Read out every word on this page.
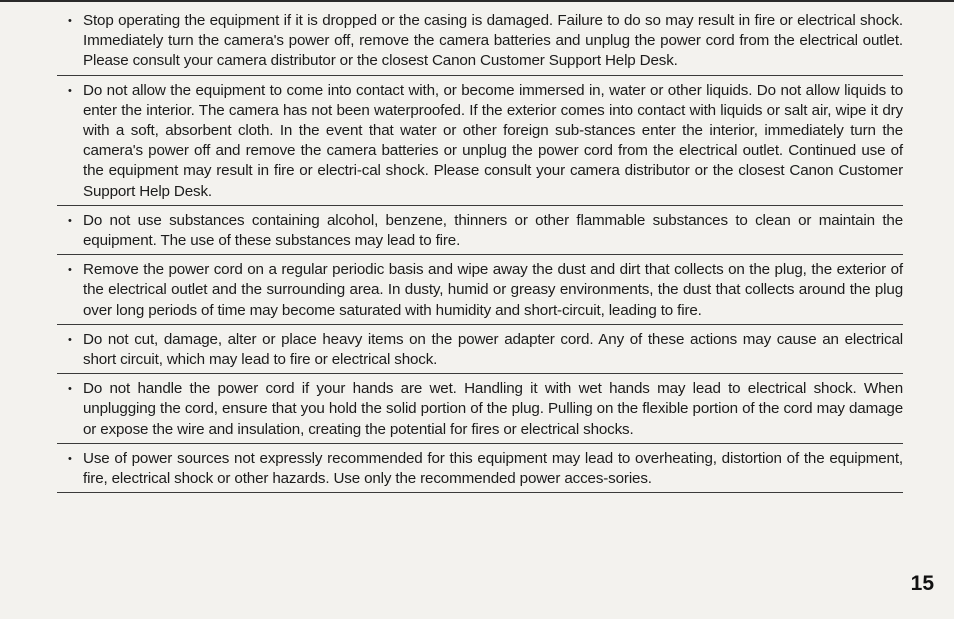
• Stop operating the equipment if it is dropped or the casing is damaged. Failure to do so may result in fire or electrical shock. Immediately turn the camera's power off, remove the camera batteries and unplug the power cord from the electrical outlet. Please consult your camera distributor or the closest Canon Customer Support Help Desk.
• Do not allow the equipment to come into contact with, or become immersed in, water or other liquids. Do not allow liquids to enter the interior. The camera has not been waterproofed. If the exterior comes into contact with liquids or salt air, wipe it dry with a soft, absorbent cloth. In the event that water or other foreign sub-stances enter the interior, immediately turn the camera's power off and remove the camera batteries or unplug the power cord from the electrical outlet. Continued use of the equipment may result in fire or electri-cal shock. Please consult your camera distributor or the closest Canon Customer Support Help Desk.
• Do not use substances containing alcohol, benzene, thinners or other flammable substances to clean or maintain the equipment. The use of these substances may lead to fire.
• Remove the power cord on a regular periodic basis and wipe away the dust and dirt that collects on the plug, the exterior of the electrical outlet and the surrounding area. In dusty, humid or greasy environments, the dust that collects around the plug over long periods of time may become saturated with humidity and short-circuit, leading to fire.
• Do not cut, damage, alter or place heavy items on the power adapter cord. Any of these actions may cause an electrical short circuit, which may lead to fire or electrical shock.
• Do not handle the power cord if your hands are wet. Handling it with wet hands may lead to electrical shock. When unplugging the cord, ensure that you hold the solid portion of the plug. Pulling on the flexible portion of the cord may damage or expose the wire and insulation, creating the potential for fires or electrical shocks.
• Use of power sources not expressly recommended for this equipment may lead to overheating, distortion of the equipment, fire, electrical shock or other hazards. Use only the recommended power acces-sories.
15
